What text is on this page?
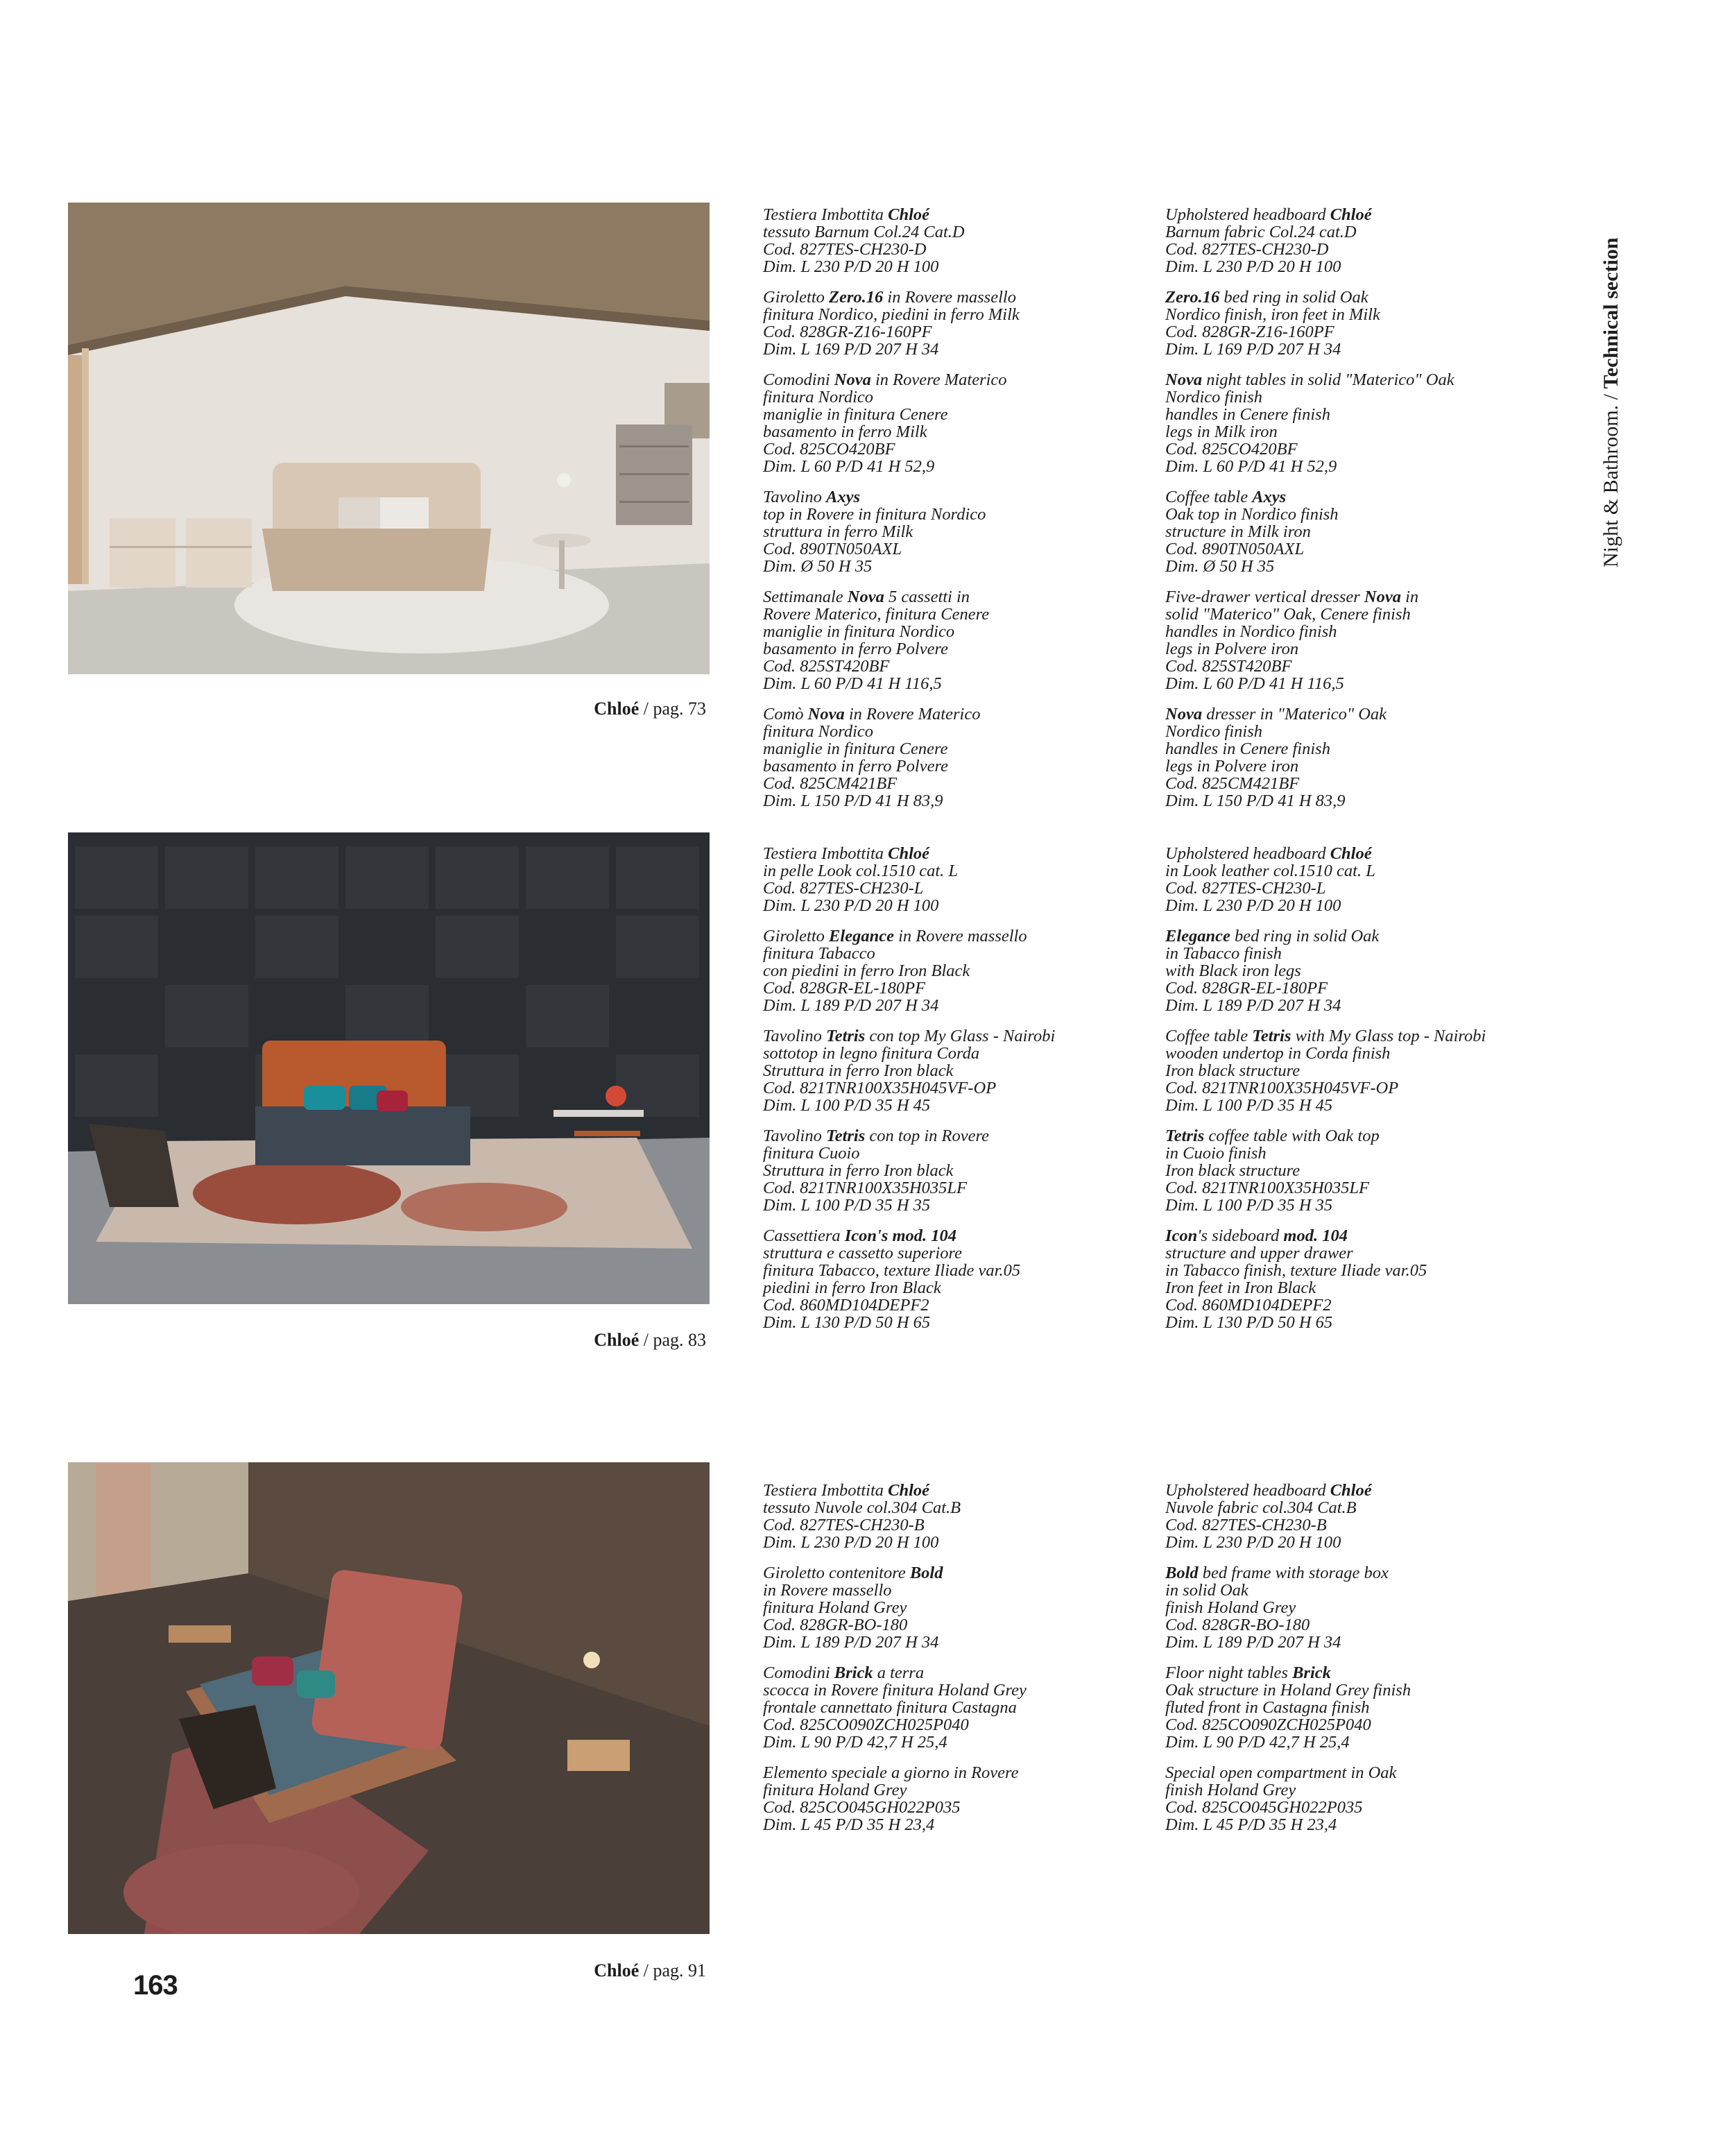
Chloé / pag. 73
Chloé / pag. 83
Chloé / pag. 91
Testiera Imbottita Chloé
tessuto Barnum Col.24 Cat.D
Cod. 827TES-CH230-D
Dim. L 230 P/D 20 H 100
Giroletto Zero.16 in Rovere massello
finitura Nordico, piedini in ferro Milk
Cod. 828GR-Z16-160PF
Dim. L 169 P/D 207 H 34
Comodini Nova in Rovere Materico
finitura Nordico
maniglie in finitura Cenere
basamento in ferro Milk
Cod. 825CO420BF
Dim. L 60 P/D 41 H 52,9
Tavolino Axys
top in Rovere in finitura Nordico
struttura in ferro Milk
Cod. 890TN050AXL
Dim. Ø 50 H 35
Settimanale Nova 5 cassetti in
Rovere Materico, finitura Cenere
maniglie in finitura Nordico
basamento in ferro Polvere
Cod. 825ST420BF
Dim. L 60 P/D 41 H 116,5
Comò Nova in Rovere Materico
finitura Nordico
maniglie in finitura Cenere
basamento in ferro Polvere
Cod. 825CM421BF
Dim. L 150 P/D 41 H 83,9
Upholstered headboard Chloé
Barnum fabric Col.24 cat.D
Cod. 827TES-CH230-D
Dim. L 230 P/D 20 H 100
Zero.16 bed ring in solid Oak
Nordico finish, iron feet in Milk
Cod. 828GR-Z16-160PF
Dim. L 169 P/D 207 H 34
Nova night tables in solid "Materico" Oak
Nordico finish
handles in Cenere finish
legs in Milk iron
Cod. 825CO420BF
Dim. L 60 P/D 41 H 52,9
Coffee table Axys
Oak top in Nordico finish
structure in Milk iron
Cod. 890TN050AXL
Dim. Ø 50 H 35
Five-drawer vertical dresser Nova in
solid "Materico" Oak, Cenere finish
handles in Nordico finish
legs in Polvere iron
Cod. 825ST420BF
Dim. L 60 P/D 41 H 116,5
Nova dresser in "Materico" Oak
Nordico finish
handles in Cenere finish
legs in Polvere iron
Cod. 825CM421BF
Dim. L 150 P/D 41 H 83,9
Testiera Imbottita Chloé
in pelle Look col.1510 cat. L
Cod. 827TES-CH230-L
Dim. L 230 P/D 20 H 100
Giroletto Elegance in Rovere massello
finitura Tabacco
con piedini in ferro Iron Black
Cod. 828GR-EL-180PF
Dim. L 189 P/D 207 H 34
Tavolino Tetris con top My Glass - Nairobi
sottotop in legno finitura Corda
Struttura in ferro Iron black
Cod. 821TNR100X35H045VF-OP
Dim. L 100 P/D 35 H 45
Tavolino Tetris con top in Rovere
finitura Cuoio
Struttura in ferro Iron black
Cod. 821TNR100X35H035LF
Dim. L 100 P/D 35 H 35
Cassettiera Icon's mod. 104
struttura e cassetto superiore
finitura Tabacco, texture Iliade var.05
piedini in ferro Iron Black
Cod. 860MD104DEPF2
Dim. L 130 P/D 50 H 65
Upholstered headboard Chloé
in Look leather col.1510 cat. L
Cod. 827TES-CH230-L
Dim. L 230 P/D 20 H 100
Elegance bed ring in solid Oak
in Tabacco finish
with Black iron legs
Cod. 828GR-EL-180PF
Dim. L 189 P/D 207 H 34
Coffee table Tetris with My Glass top - Nairobi
wooden undertop in Corda finish
Iron black structure
Cod. 821TNR100X35H045VF-OP
Dim. L 100 P/D 35 H 45
Tetris coffee table with Oak top
in Cuoio finish
Iron black structure
Cod. 821TNR100X35H035LF
Dim. L 100 P/D 35 H 35
Icon's sideboard mod. 104
structure and upper drawer
in Tabacco finish, texture Iliade var.05
Iron feet in Iron Black
Cod. 860MD104DEPF2
Dim. L 130 P/D 50 H 65
Testiera Imbottita Chloé
tessuto Nuvole col.304 Cat.B
Cod. 827TES-CH230-B
Dim. L 230 P/D 20 H 100
Giroletto contenitore Bold
in Rovere massello
finitura Holand Grey
Cod. 828GR-BO-180
Dim. L 189 P/D 207 H 34
Comodini Brick a terra
scocca in Rovere finitura Holand Grey
frontale cannettato finitura Castagna
Cod. 825CO090ZCH025P040
Dim. L 90 P/D 42,7 H 25,4
Elemento speciale a giorno in Rovere
finitura Holand Grey
Cod. 825CO045GH022P035
Dim. L 45 P/D 35 H 23,4
Upholstered headboard Chloé
Nuvole fabric col.304 Cat.B
Cod. 827TES-CH230-B
Dim. L 230 P/D 20 H 100
Bold bed frame with storage box
in solid Oak
finish Holand Grey
Cod. 828GR-BO-180
Dim. L 189 P/D 207 H 34
Floor night tables Brick
Oak structure in Holand Grey finish
fluted front in Castagna finish
Cod. 825CO090ZCH025P040
Dim. L 90 P/D 42,7 H 25,4
Special open compartment in Oak
finish Holand Grey
Cod. 825CO045GH022P035
Dim. L 45 P/D 35 H 23,4
Night & Bathroom. / Technical section
163
